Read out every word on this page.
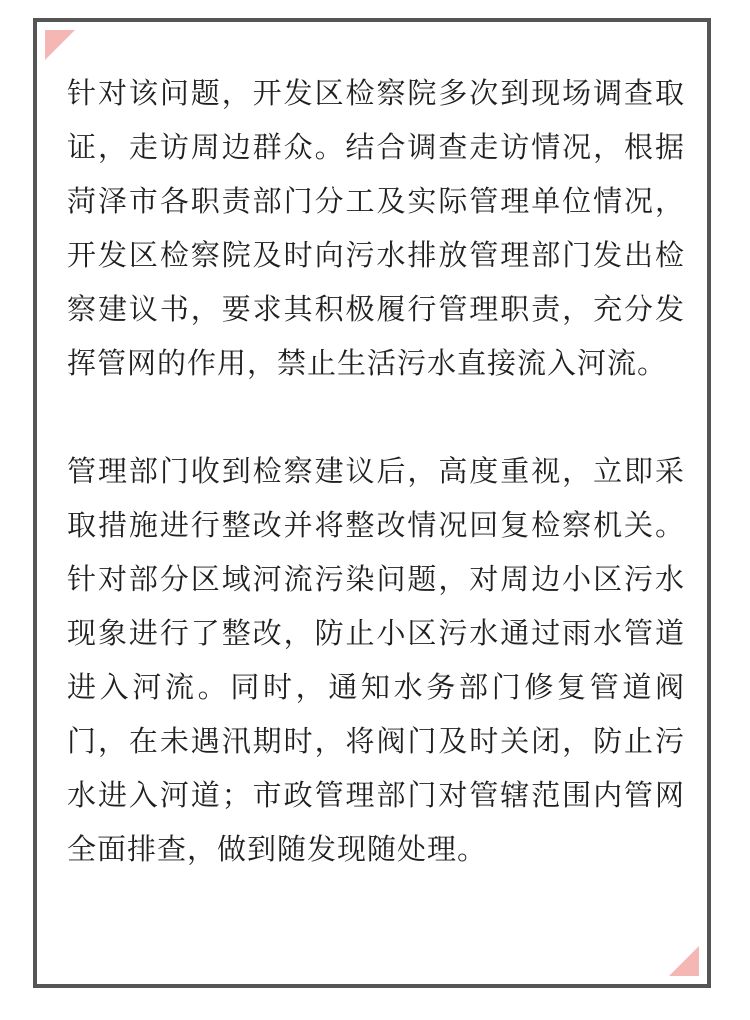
针对该问题，开发区检察院多次到现场调查取证，走访周边群众。结合调查走访情况，根据菏泽市各职责部门分工及实际管理单位情况，开发区检察院及时向污水排放管理部门发出检察建议书，要求其积极履行管理职责，充分发挥管网的作用，禁止生活污水直接流入河流。

管理部门收到检察建议后，高度重视，立即采取措施进行整改并将整改情况回复检察机关。针对部分区域河流污染问题，对周边小区污水现象进行了整改，防止小区污水通过雨水管道进入河流。同时，通知水务部门修复管道阀门，在未遇汛期时，将阀门及时关闭，防止污水进入河道；市政管理部门对管辖范围内管网全面排查，做到随发现随处理。
